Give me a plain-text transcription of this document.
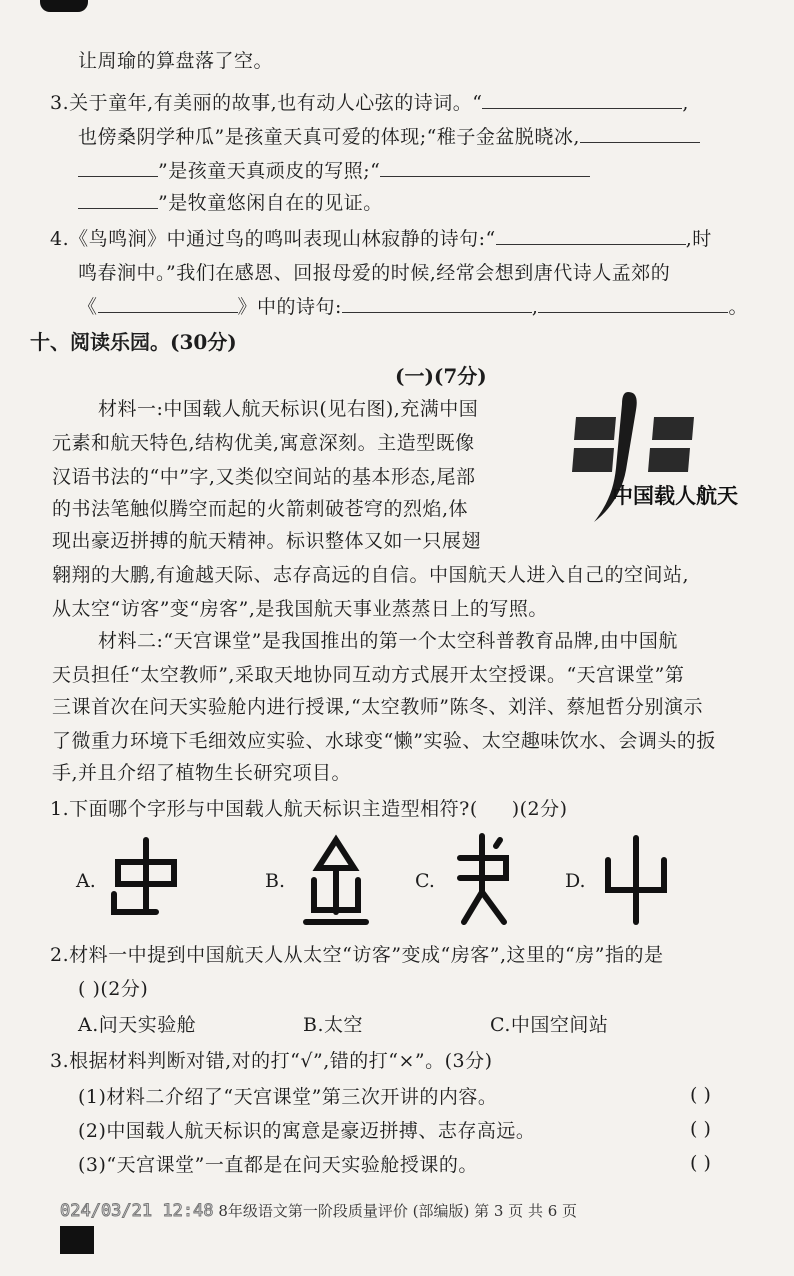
让周瑜的算盘落了空。
3.关于童年,有美丽的故事,也有动人心弦的诗词。“	,
也傍桑阴学种瓜”是孩童天真可爱的体现;“稚子金盆脱晓冰,
”是孩童天真顽皮的写照;“
”是牧童悠闲自在的见证。
4.《鸟鸣涧》中通过鸟的鸣叫表现山林寂静的诗句:“	,时
鸣春涧中。”我们在感恩、回报母爱的时候,经常会想到唐代诗人孟郊的
《	》中的诗句:	,	。
十、阅读乐园。(30分)
(一)(7分)
材料一:中国载人航天标识(见右图),充满中国
元素和航天特色,结构优美,寓意深刻。主造型既像
汉语书法的“中”字,又类似空间站的基本形态,尾部
的书法笔触似腾空而起的火箭刺破苍穹的烈焰,体
现出豪迈拼搏的航天精神。标识整体又如一只展翅
翱翔的大鹏,有逾越天际、志存高远的自信。中国航天人进入自己的空间站,
从太空“访客”变“房客”,是我国航天事业蒸蒸日上的写照。
中国载人航天
材料二:“天宫课堂”是我国推出的第一个太空科普教育品牌,由中国航
天员担任“太空教师”,采取天地协同互动方式展开太空授课。“天宫课堂”第
三课首次在问天实验舱内进行授课,“太空教师”陈冬、刘洋、蔡旭哲分别演示
了微重力环境下毛细效应实验、水球变“懒”实验、太空趣味饮水、会调头的扳
手,并且介绍了植物生长研究项目。
1.下面哪个字形与中国载人航天标识主造型相符?( )(2分)
A.	B.	C.	D.
2.材料一中提到中国航天人从太空“访客”变成“房客”,这里的“房”指的是
( )(2分)
A.问天实验舱	B.太空	C.中国空间站
3.根据材料判断对错,对的打“√”,错的打“×”。(3分)
(1)材料二介绍了“天宫课堂”第三次开讲的内容。	( )
(2)中国载人航天标识的寓意是豪迈拼搏、志存高远。	( )
(3)“天宫课堂”一直都是在问天实验舱授课的。	( )
024/03/21 12:48 8年级语文第一阶段质量评价 (部编版) 第 3 页 共 6 页
